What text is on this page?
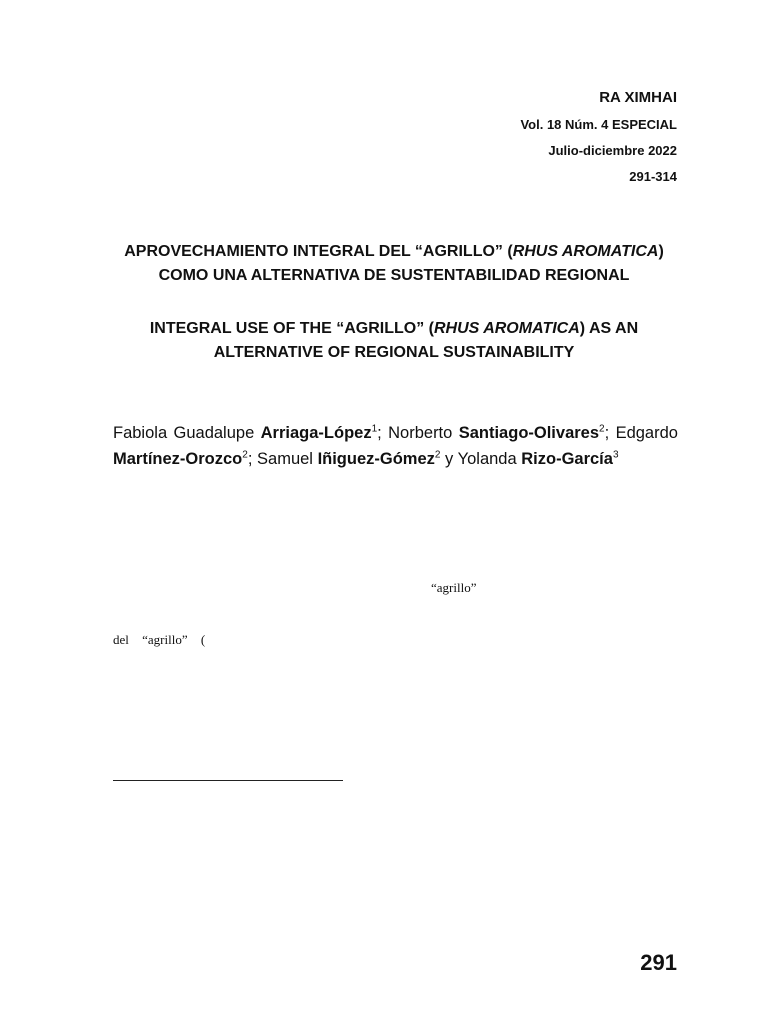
RA XIMHAI
Vol. 18 Núm. 4 ESPECIAL
Julio-diciembre 2022
291-314
APROVECHAMIENTO INTEGRAL DEL “AGRILLO” (RHUS AROMATICA)
COMO UNA ALTERNATIVA DE SUSTENTABILIDAD REGIONAL
INTEGRAL USE OF THE “AGRILLO” (RHUS AROMATICA) AS AN
ALTERNATIVE OF REGIONAL SUSTAINABILITY
Fabiola Guadalupe Arriaga-López$^1$; Norberto Santiago-Olivares$^2$; Edgardo Martínez-Orozco$^2$; Samuel Iñiguez-Gómez$^2$ y Yolanda Rizo-García$^3$
“agrillo”
del “agrillo” (
291
